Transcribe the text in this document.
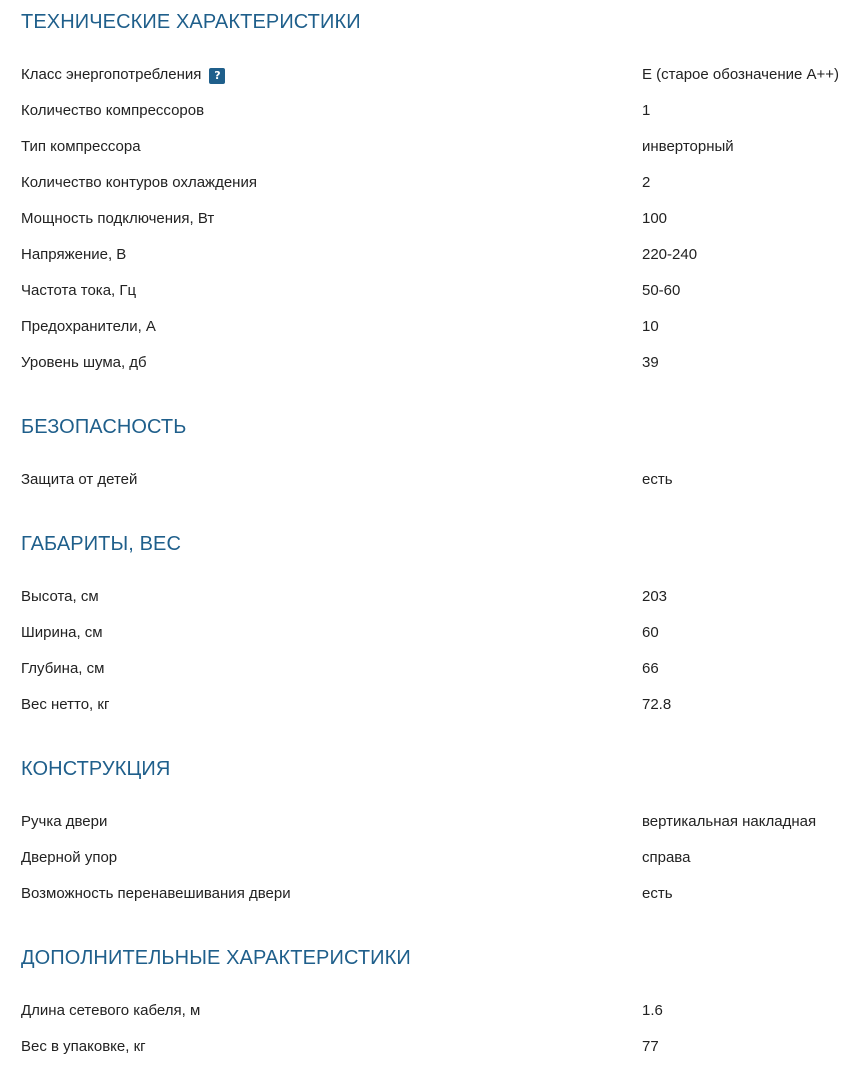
ТЕХНИЧЕСКИЕ ХАРАКТЕРИСТИКИ
Класс энергопотребления ?	E (старое обозначение A++)
Количество компрессоров	1
Тип компрессора	инверторный
Количество контуров охлаждения	2
Мощность подключения, Вт	100
Напряжение, В	220-240
Частота тока, Гц	50-60
Предохранители, А	10
Уровень шума, дб	39
БЕЗОПАСНОСТЬ
Защита от детей	есть
ГАБАРИТЫ, ВЕС
Высота, см	203
Ширина, см	60
Глубина, см	66
Вес нетто, кг	72.8
КОНСТРУКЦИЯ
Ручка двери	вертикальная накладная
Дверной упор	справа
Возможность перенавешивания двери	есть
ДОПОЛНИТЕЛЬНЫЕ ХАРАКТЕРИСТИКИ
Длина сетевого кабеля, м	1.6
Вес в упаковке, кг	77
